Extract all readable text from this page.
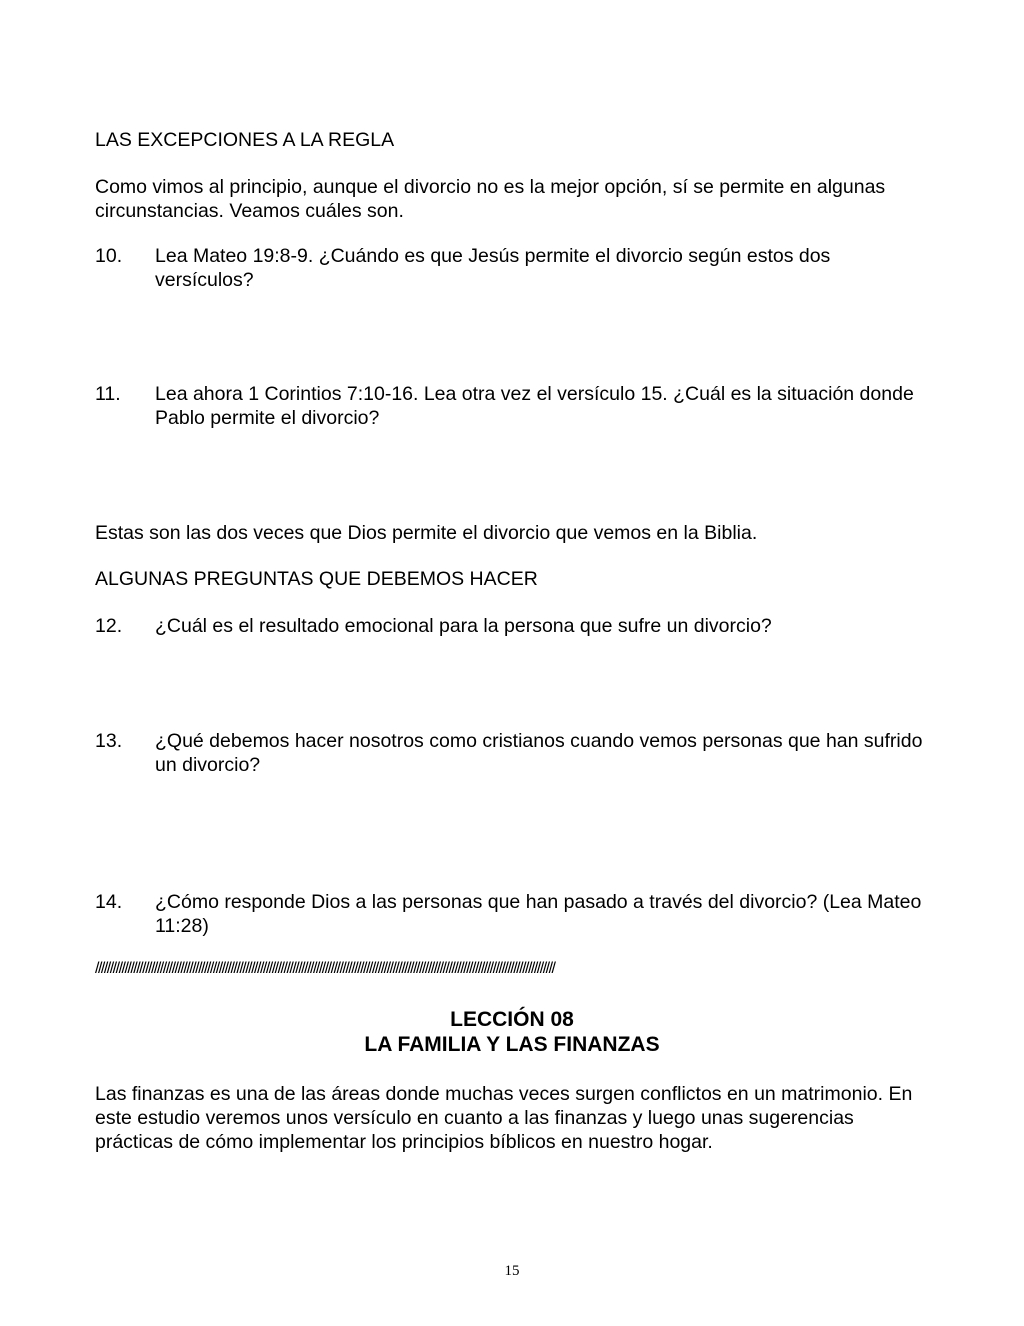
LAS EXCEPCIONES A LA REGLA

Como vimos al principio, aunque el divorcio no es la mejor opción, sí se permite en algunas circunstancias. Veamos cuáles son.

10. Lea Mateo 19:8-9. ¿Cuándo es que Jesús permite el divorcio según estos dos versículos?
11. Lea ahora 1 Corintios 7:10-16. Lea otra vez el versículo 15. ¿Cuál es la situación donde Pablo permite el divorcio?

Estas son las dos veces que Dios permite el divorcio que vemos en la Biblia.

ALGUNAS PREGUNTAS QUE DEBEMOS HACER

12. ¿Cuál es el resultado emocional para la persona que sufre un divorcio?
13. ¿Qué debemos hacer nosotros como cristianos cuando vemos personas que han sufrido un divorcio?
14. ¿Cómo responde Dios a las personas que han pasado a través del divorcio? (Lea Mateo 11:28)
////////////////////////////////////////////////////////////////////////////////////////////////////////////////////////////////////////////////////////////
LECCIÓN 08
LA FAMILIA Y LAS FINANZAS

Las finanzas es una de las áreas donde muchas veces surgen conflictos en un matrimonio. En este estudio veremos unos versículo en cuanto a las finanzas y luego unas sugerencias prácticas de cómo implementar los principios bíblicos en nuestro hogar.

15
